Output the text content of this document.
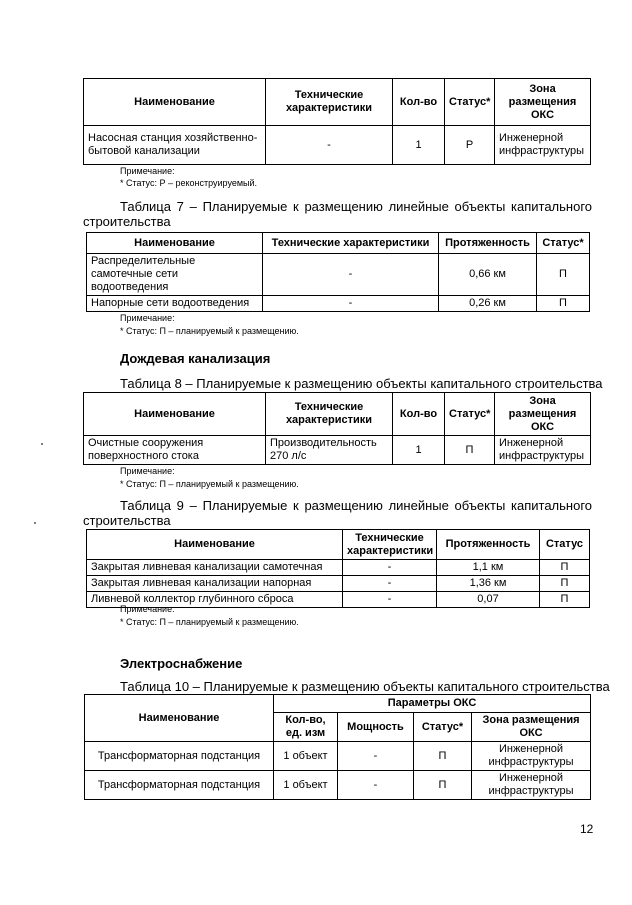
Наименование	Технические характеристики	Кол-во	Статус*	Зона размещения ОКС
Насосная станция хозяйственно-бытовой канализации	-	1	Р	Инженерной инфраструктуры
Примечание:
* Статус: Р – реконструируемый.
Таблица 7 – Планируемые к размещению линейные объекты капитального
строительства
Наименование	Технические характеристики	Протяженность	Статус*
Распределительные самотечные сети водоотведения	-	0,66 км	П
Напорные сети водоотведения	-	0,26 км	П
Примечание:
* Статус: П – планируемый к размещению.
Дождевая канализация
Таблица 8 – Планируемые к размещению объекты капитального строительства
Наименование	Технические характеристики	Кол-во	Статус*	Зона размещения ОКС
Очистные сооружения поверхностного стока	Производительность 270 л/с	1	П	Инженерной инфраструктуры
Примечание:
* Статус: П – планируемый к размещению.
Таблица 9 – Планируемые к размещению линейные объекты капитального
строительства
Наименование	Технические характеристики	Протяженность	Статус
Закрытая ливневая канализации самотечная	-	1,1 км	П
Закрытая ливневая канализации напорная	-	1,36 км	П
Ливневой коллектор глубинного сброса	-	0,07	П
Примечание:
* Статус: П – планируемый к размещению.
Электроснабжение
Таблица 10 – Планируемые к размещению объекты капитального строительства
Наименование	Параметры ОКС			
	Кол-во, ед. изм	Мощность	Статус*	Зона размещения ОКС
Трансформаторная подстанция	1 объект	-	П	Инженерной инфраструктуры
Трансформаторная подстанция	1 объект	-	П	Инженерной инфраструктуры
12
